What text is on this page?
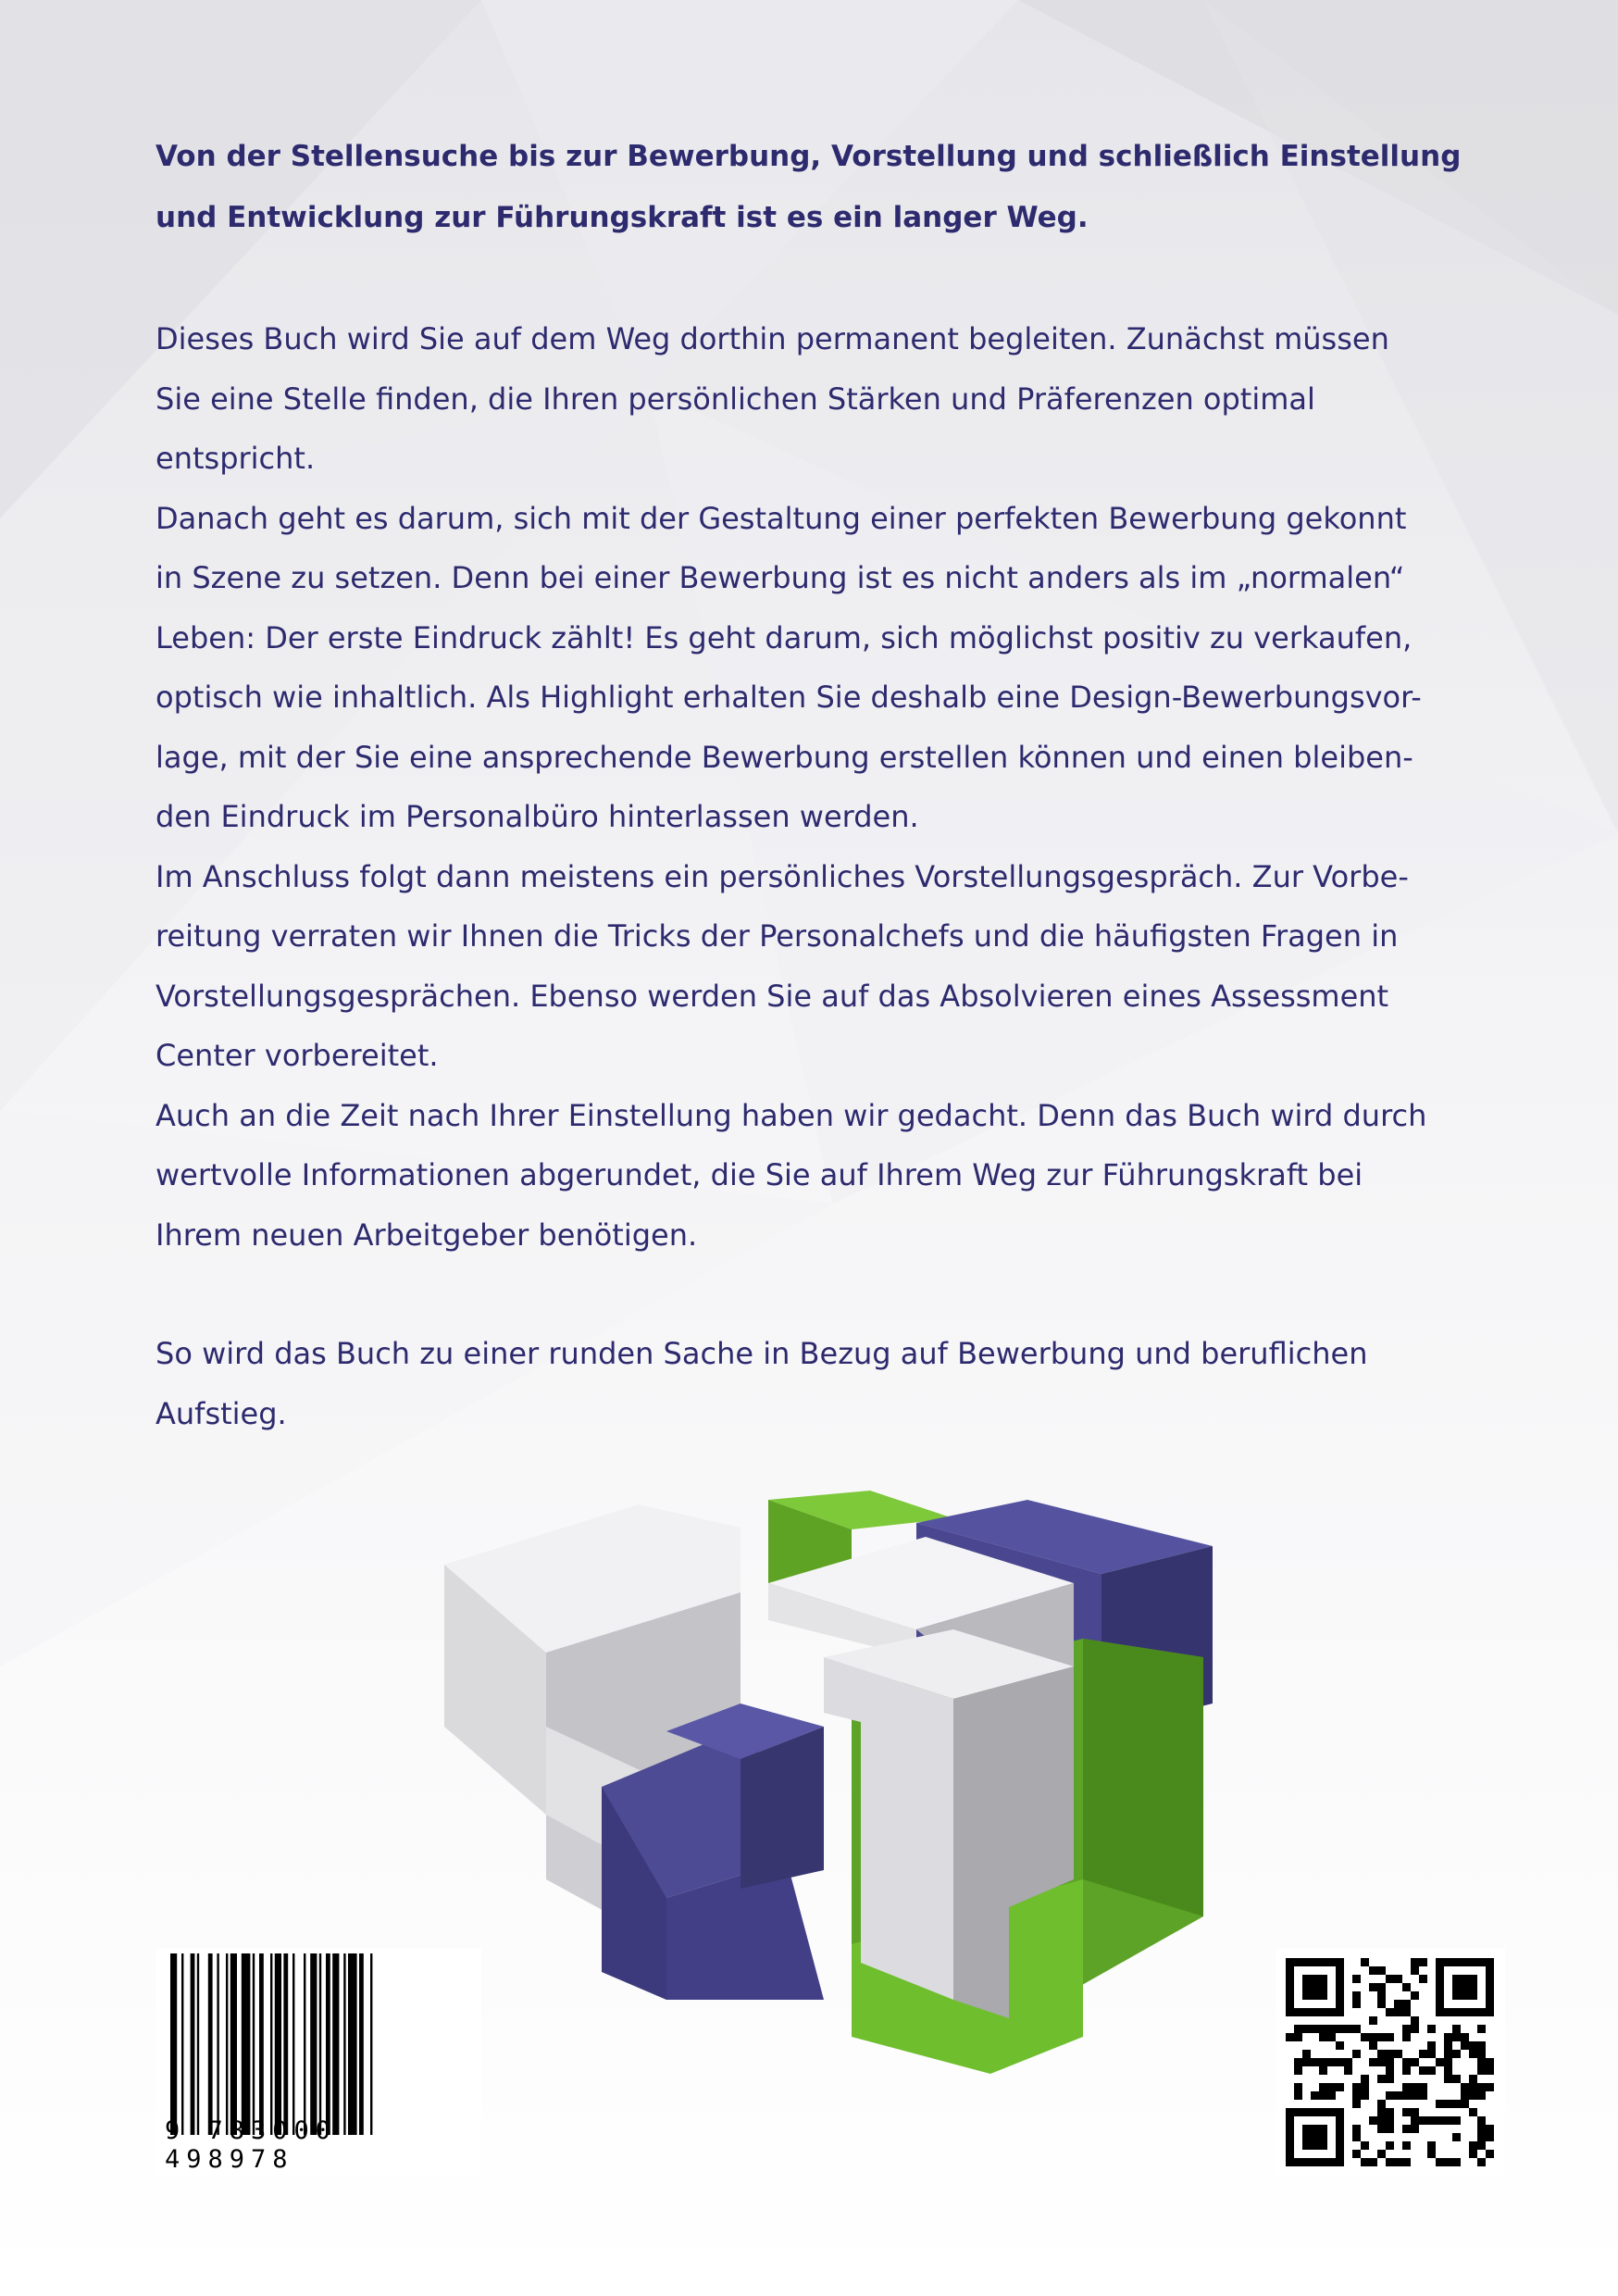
Von der Stellensuche bis zur Bewerbung, Vorstellung und schließlich Einstellung
und Entwicklung zur Führungskraft ist es ein langer Weg.

Dieses Buch wird Sie auf dem Weg dorthin permanent begleiten. Zunächst müssen
Sie eine Stelle finden, die Ihren persönlichen Stärken und Präferenzen optimal
entspricht.

Danach geht es darum, sich mit der Gestaltung einer perfekten Bewerbung gekonnt
in Szene zu setzen. Denn bei einer Bewerbung ist es nicht anders als im „normalen“
Leben: Der erste Eindruck zählt! Es geht darum, sich möglichst positiv zu verkaufen,
optisch wie inhaltlich. Als Highlight erhalten Sie deshalb eine Design-Bewerbungsvor-
lage, mit der Sie eine ansprechende Bewerbung erstellen können und einen bleiben-
den Eindruck im Personalbüro hinterlassen werden.

Im Anschluss folgt dann meistens ein persönliches Vorstellungsgespräch. Zur Vorbe-
reitung verraten wir Ihnen die Tricks der Personalchefs und die häufigsten Fragen in
Vorstellungsgesprächen. Ebenso werden Sie auf das Absolvieren eines Assessment
Center vorbereitet.

Auch an die Zeit nach Ihrer Einstellung haben wir gedacht. Denn das Buch wird durch
wertvolle Informationen abgerundet, die Sie auf Ihrem Weg zur Führungskraft bei
Ihrem neuen Arbeitgeber benötigen.

So wird das Buch zu einer runden Sache in Bezug auf Bewerbung und beruflichen
Aufstieg.

9 783000 498978
